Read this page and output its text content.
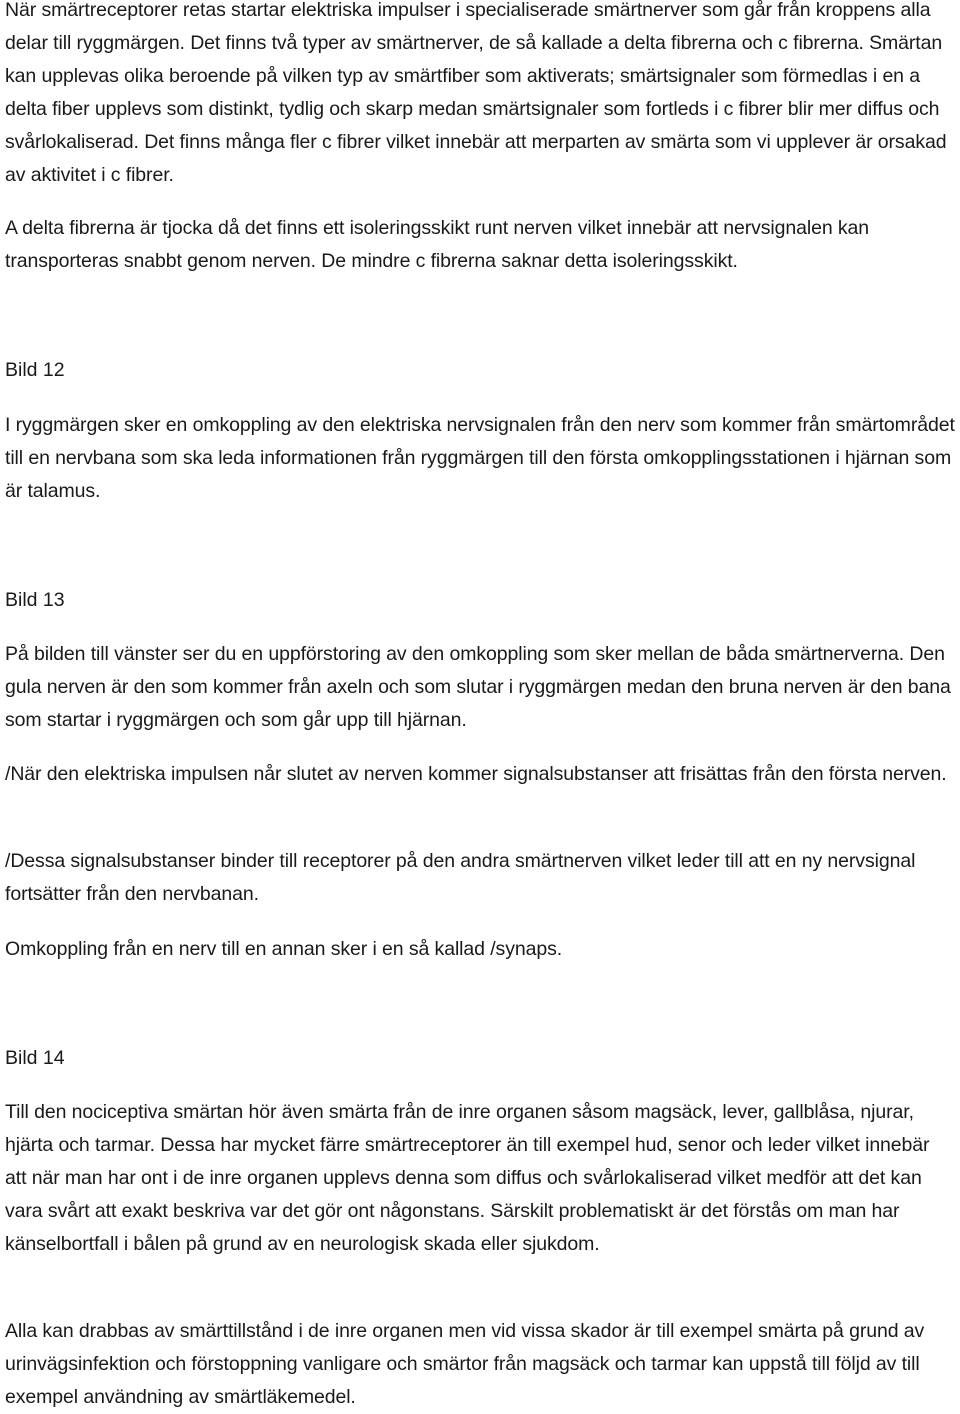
När smärtreceptorer retas startar elektriska impulser i specialiserade smärtnerver som går från kroppens alla delar till ryggmärgen. Det finns två typer av smärtnerver, de så kallade a delta fibrerna och c fibrerna. Smärtan kan upplevas olika beroende på vilken typ av smärtfiber som aktiverats; smärtsignaler som förmedlas i en a delta fiber upplevs som distinkt, tydlig och skarp medan smärtsignaler som fortleds i c fibrer blir mer diffus och svårlokaliserad. Det finns många fler c fibrer vilket innebär att merparten av smärta som vi upplever är orsakad av aktivitet i c fibrer.

A delta fibrerna är tjocka då det finns ett isoleringsskikt runt nerven vilket innebär att nervsignalen kan transporteras snabbt genom nerven. De mindre c fibrerna saknar detta isoleringsskikt.

Bild 12

I ryggmärgen sker en omkoppling av den elektriska nervsignalen från den nerv som kommer från smärtområdet till en nervbana som ska leda informationen från ryggmärgen till den första omkopplingsstationen i hjärnan som är talamus.

Bild 13

På bilden till vänster ser du en uppförstoring av den omkoppling som sker mellan de båda smärtnerverna. Den gula nerven är den som kommer från axeln och som slutar i ryggmärgen medan den bruna nerven är den bana som startar i ryggmärgen och som går upp till hjärnan.

/När den elektriska impulsen når slutet av nerven kommer signalsubstanser att frisättas från den första nerven.

/Dessa signalsubstanser binder till receptorer på den andra smärtnerven vilket leder till att en ny nervsignal fortsätter från den nervbanan.

Omkoppling från en nerv till en annan sker i en så kallad /synaps.

Bild 14

Till den nociceptiva smärtan hör även smärta från de inre organen såsom magsäck, lever, gallblåsa, njurar, hjärta och tarmar. Dessa har mycket färre smärtreceptorer än till exempel hud, senor och leder vilket innebär att när man har ont i de inre organen upplevs denna som diffus och svårlokaliserad vilket medför att det kan vara svårt att exakt beskriva var det gör ont någonstans. Särskilt problematiskt är det förstås om man har känselbortfall i bålen på grund av en neurologisk skada eller sjukdom.

Alla kan drabbas av smärttillstånd i de inre organen men vid vissa skador är till exempel smärta på grund av urinvägsinfektion och förstoppning vanligare och smärtor från magsäck och tarmar kan uppstå till följd av till exempel användning av smärtläkemedel.
